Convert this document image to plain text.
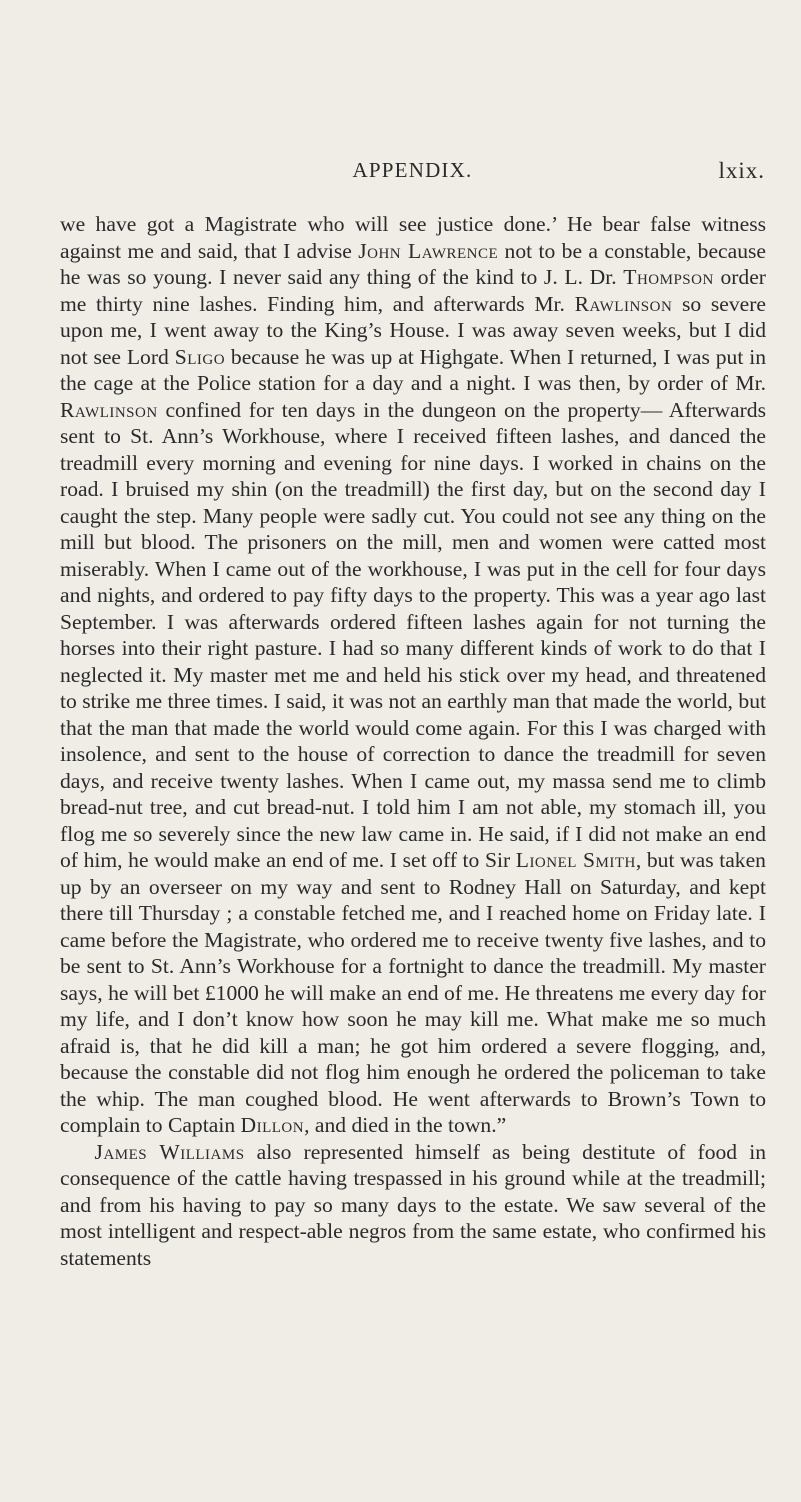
APPENDIX.	lxix.

we have got a Magistrate who will see justice done.’ He bear false witness against me and said, that I advise John Lawrence not to be a constable, because he was so young. I never said any thing of the kind to J. L. Dr. Thompson order me thirty nine lashes. Finding him, and afterwards Mr. Rawlinson so severe upon me, I went away to the King’s House. I was away seven weeks, but I did not see Lord Sligo because he was up at Highgate. When I returned, I was put in the cage at the Police station for a day and a night. I was then, by order of Mr. Rawlinson confined for ten days in the dungeon on the property— Afterwards sent to St. Ann’s Workhouse, where I received fifteen lashes, and danced the treadmill every morning and evening for nine days. I worked in chains on the road. I bruised my shin (on the treadmill) the first day, but on the second day I caught the step. Many people were sadly cut. You could not see any thing on the mill but blood. The prisoners on the mill, men and women were catted most miserably. When I came out of the workhouse, I was put in the cell for four days and nights, and ordered to pay fifty days to the property. This was a year ago last September. I was afterwards ordered fifteen lashes again for not turning the horses into their right pasture. I had so many different kinds of work to do that I neglected it. My master met me and held his stick over my head, and threatened to strike me three times. I said, it was not an earthly man that made the world, but that the man that made the world would come again. For this I was charged with insolence, and sent to the house of correction to dance the treadmill for seven days, and receive twenty lashes. When I came out, my massa send me to climb bread-nut tree, and cut bread-nut. I told him I am not able, my stomach ill, you flog me so severely since the new law came in. He said, if I did not make an end of him, he would make an end of me. I set off to Sir Lionel Smith, but was taken up by an overseer on my way and sent to Rodney Hall on Saturday, and kept there till Thursday ; a constable fetched me, and I reached home on Friday late. I came before the Magistrate, who ordered me to receive twenty five lashes, and to be sent to St. Ann’s Workhouse for a fortnight to dance the treadmill. My master says, he will bet £1000 he will make an end of me. He threatens me every day for my life, and I don’t know how soon he may kill me. What make me so much afraid is, that he did kill a man; he got him ordered a severe flogging, and, because the constable did not flog him enough he ordered the policeman to take the whip. The man coughed blood. He went afterwards to Brown’s Town to complain to Captain Dillon, and died in the town.”

James Williams also represented himself as being destitute of food in consequence of the cattle having trespassed in his ground while at the treadmill; and from his having to pay so many days to the estate. We saw several of the most intelligent and respect-able negros from the same estate, who confirmed his statements
